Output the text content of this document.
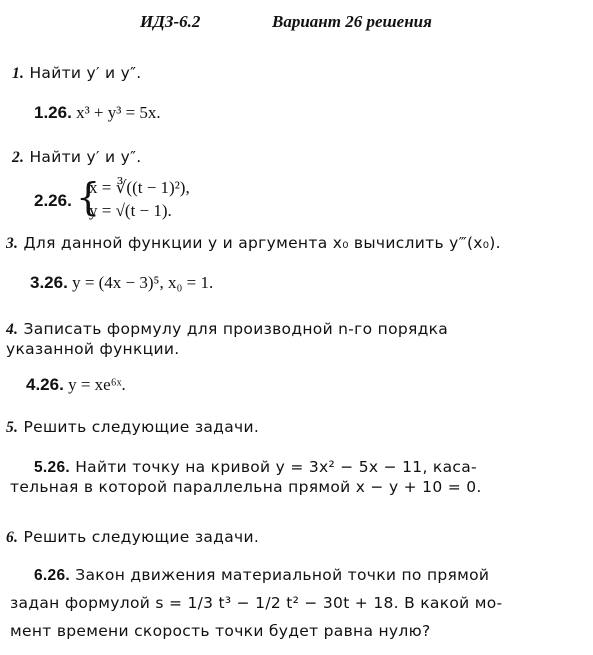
ИДЗ-6.2	Вариант 26 решения
1. Найти y′ и y″.
1.26. x³ + y³ = 5x.
2. Найти y′ и y″.
2.26. {
x = ∛((t − 1)²),
y = √(t − 1).
3. Для данной функции y и аргумента x₀ вычислить y‴(x₀).
3.26. y = (4x − 3)⁵, x₀ = 1.
4. Записать формулу для производной n-го порядка
указанной функции.
4.26. y = xe⁶ˣ.
5. Решить следующие задачи.
5.26. Найти точку на кривой y = 3x² − 5x − 11, каса-
тельная в которой параллельна прямой x − y + 10 = 0.
6. Решить следующие задачи.
6.26. Закон движения материальной точки по прямой
задан формулой s = 1/3 t³ − 1/2 t² − 30t + 18. В какой мо-
мент времени скорость точки будет равна нулю?
